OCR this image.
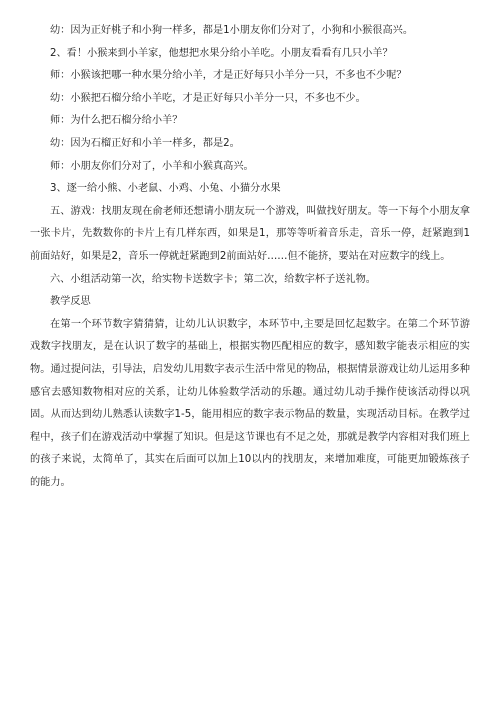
幼：因为正好桃子和小狗一样多，都是1小朋友你们分对了，小狗和小猴很高兴。

2、看！小猴来到小羊家，他想把水果分给小羊吃。小朋友看看有几只小羊？

师：小猴该把哪一种水果分给小羊，才是正好每只小羊分一只，不多也不少呢？

幼：小猴把石榴分给小羊吃，才是正好每只小羊分一只，不多也不少。

师：为什么把石榴分给小羊？

幼：因为石榴正好和小羊一样多，都是2。

师：小朋友你们分对了，小羊和小猴真高兴。

3、逐一给小熊、小老鼠、小鸡、小兔、小猫分水果

五、游戏：找朋友现在俞老师还想请小朋友玩一个游戏，叫做找好朋友。等一下每个小朋友拿一张卡片，先数数你的卡片上有几样东西，如果是1，那等等听着音乐走，音乐一停，赶紧跑到1前面站好，如果是2，音乐一停就赶紧跑到2前面站好……但不能挤，要站在对应数字的线上。

六、小组活动第一次，给实物卡送数字卡；第二次，给数字杯子送礼物。

教学反思

在第一个环节数字猜猜猜，让幼儿认识数字，本环节中,主要是回忆起数字。在第二个环节游戏数字找朋友，是在认识了数字的基础上，根据实物匹配相应的数字，感知数字能表示相应的实物。通过提问法，引导法，启发幼儿用数字表示生活中常见的物品，根据情景游戏让幼儿运用多种感官去感知数物相对应的关系，让幼儿体验数学活动的乐趣。通过幼儿动手操作使该活动得以巩固。从而达到幼儿熟悉认读数字1-5，能用相应的数字表示物品的数量，实现活动目标。在教学过程中，孩子们在游戏活动中掌握了知识。但是这节课也有不足之处，那就是教学内容相对我们班上的孩子来说，太简单了，其实在后面可以加上10以内的找朋友，来增加难度，可能更加锻炼孩子的能力。
